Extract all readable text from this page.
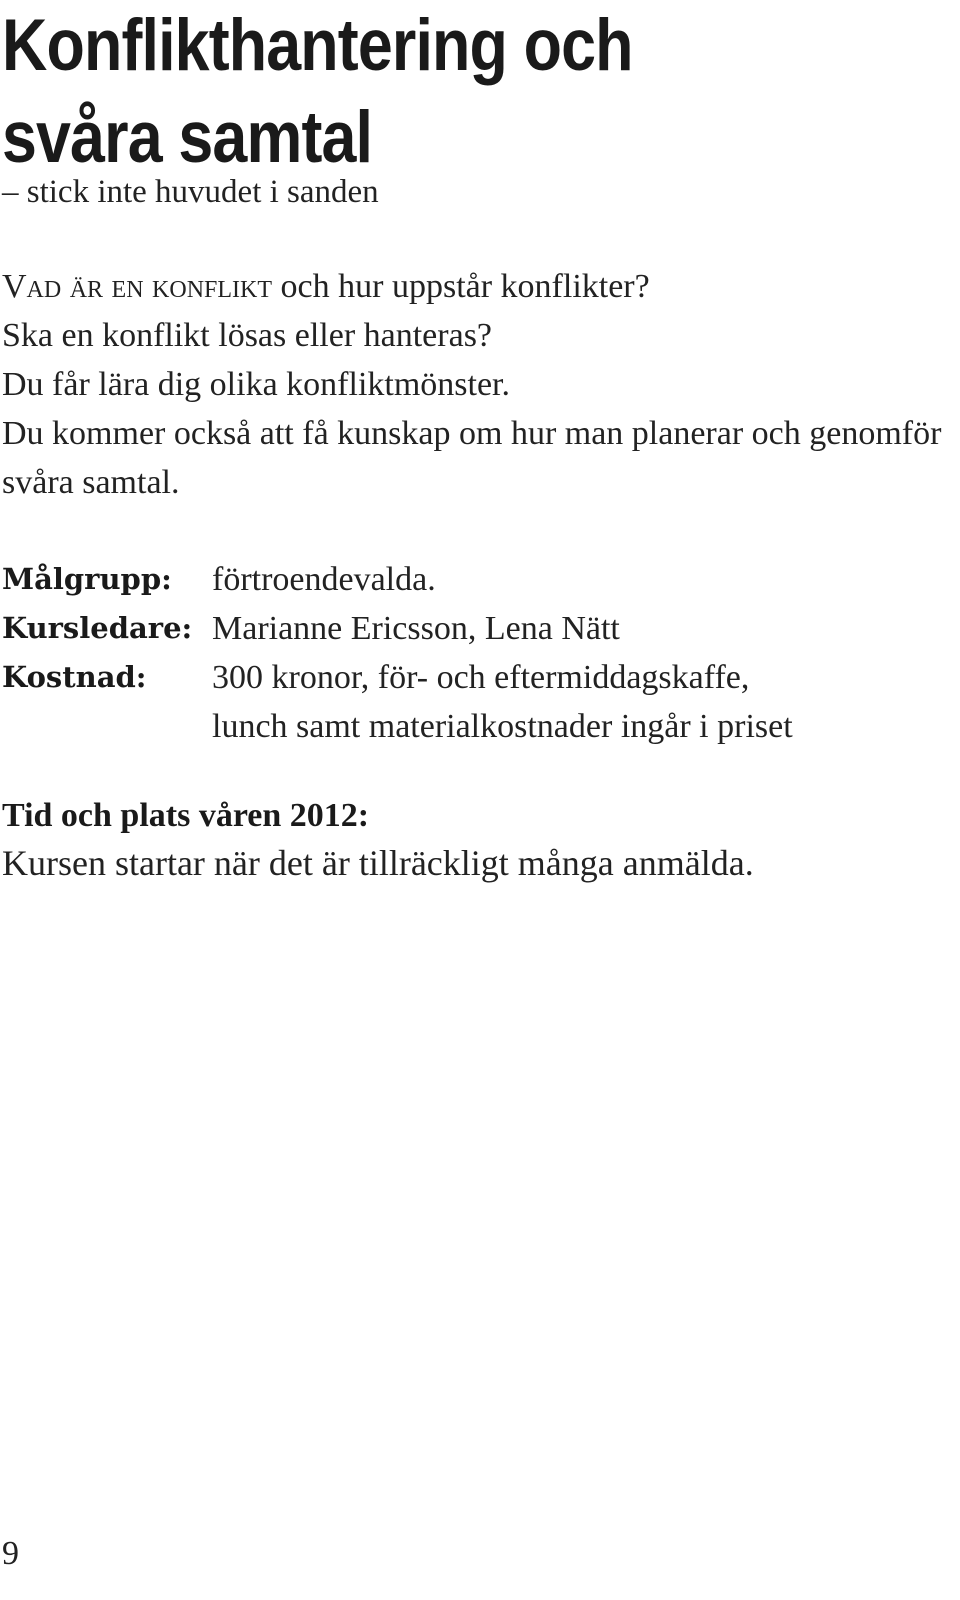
Konflikthantering och svåra samtal
– stick inte huvudet i sanden

Vad är en konflikt och hur uppstår konflikter?

Ska en konflikt lösas eller hanteras?

Du får lära dig olika konfliktmönster.

Du kommer också att få kunskap om hur man planerar och genomför svåra samtal.

Målgrupp:	förtroendevalda.
Kursledare: Marianne Ericsson, Lena Nätt
Kostnad:	300 kronor, för- och eftermiddagskaffe,
lunch samt materialkostnader ingår i priset
Tid och plats våren 2012:
Kursen startar när det är tillräckligt många anmälda.
9
